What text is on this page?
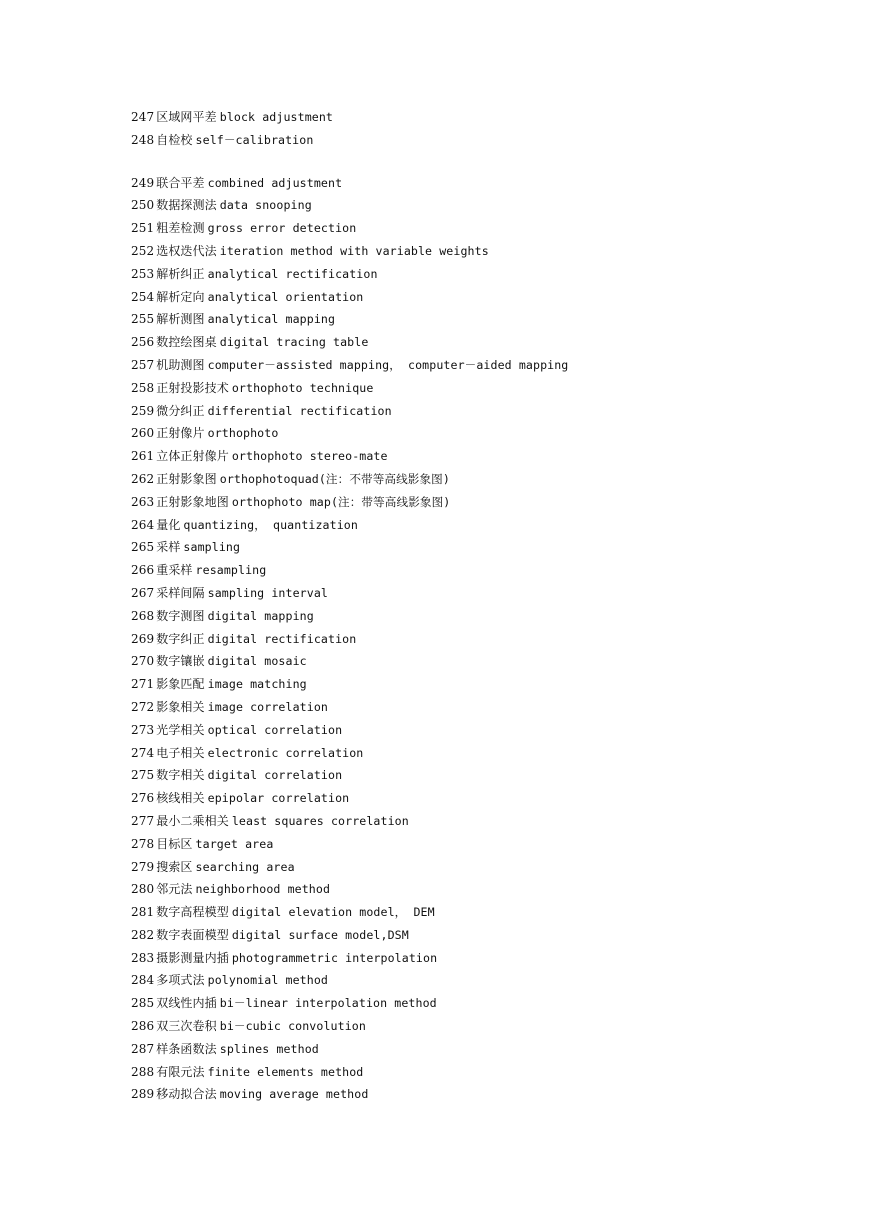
247 区域网平差 block adjustment
248 自检校 self－calibration
249 联合平差 combined adjustment
250 数据探测法 data snooping
251 粗差检测 gross error detection
252 选权迭代法 iteration method with variable weights
253 解析纠正 analytical rectification
254 解析定向 analytical orientation
255 解析测图 analytical mapping
256 数控绘图桌 digital tracing table
257 机助测图 computer－assisted mapping， computer－aided mapping
258 正射投影技术 orthophoto technique
259 微分纠正 differential rectification
260 正射像片 orthophoto
261 立体正射像片 orthophoto stereo-mate
262 正射影象图 orthophotoquad(注：不带等高线影象图)
263 正射影象地图 orthophoto map(注：带等高线影象图)
264 量化 quantizing， quantization
265 采样 sampling
266 重采样 resampling
267 采样间隔 sampling interval
268 数字测图 digital mapping
269 数字纠正 digital rectification
270 数字镶嵌 digital mosaic
271 影象匹配 image matching
272 影象相关 image correlation
273 光学相关 optical correlation
274 电子相关 electronic correlation
275 数字相关 digital correlation
276 核线相关 epipolar correlation
277 最小二乘相关 least squares correlation
278 目标区 target area
279 搜索区 searching area
280 邻元法 neighborhood method
281 数字高程模型 digital elevation model， DEM
282 数字表面模型 digital surface model,DSM
283 摄影测量内插 photogrammetric interpolation
284 多项式法 polynomial method
285 双线性内插 bi－linear interpolation method
286 双三次卷积 bi－cubic convolution
287 样条函数法 splines method
288 有限元法 finite elements method
289 移动拟合法 moving average method
